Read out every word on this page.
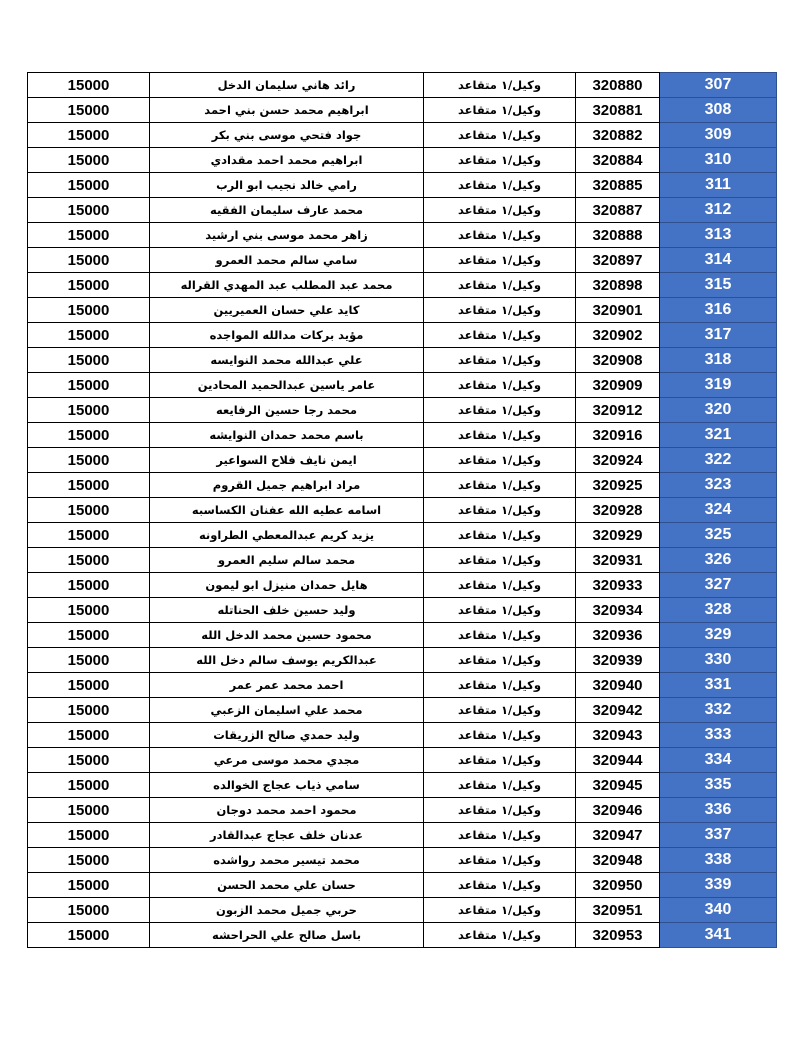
15000	رائد هاني سليمان الدخل	وكيل/١ متقاعد	320880	307
15000	ابراهيم محمد حسن بني احمد	وكيل/١ متقاعد	320881	308
15000	جواد فتحي موسى بني بكر	وكيل/١ متقاعد	320882	309
15000	ابراهيم محمد احمد مقدادي	وكيل/١ متقاعد	320884	310
15000	رامي خالد نجيب ابو الرب	وكيل/١ متقاعد	320885	311
15000	محمد عارف سليمان الفقيه	وكيل/١ متقاعد	320887	312
15000	زاهر محمد موسى بني ارشيد	وكيل/١ متقاعد	320888	313
15000	سامي سالم محمد العمرو	وكيل/١ متقاعد	320897	314
15000	محمد عبد المطلب عبد المهدي القراله	وكيل/١ متقاعد	320898	315
15000	كايد علي حسان العميريين	وكيل/١ متقاعد	320901	316
15000	مؤيد بركات مدالله المواجده	وكيل/١ متقاعد	320902	317
15000	علي عبدالله محمد النوايسه	وكيل/١ متقاعد	320908	318
15000	عامر ياسين عبدالحميد المحادين	وكيل/١ متقاعد	320909	319
15000	محمد رجا حسين الرفايعه	وكيل/١ متقاعد	320912	320
15000	باسم محمد حمدان النوايشه	وكيل/١ متقاعد	320916	321
15000	ايمن نايف فلاح السواعير	وكيل/١ متقاعد	320924	322
15000	مراد ابراهيم جميل القروم	وكيل/١ متقاعد	320925	323
15000	اسامه عطيه الله عفنان الكساسبه	وكيل/١ متقاعد	320928	324
15000	يزيد كريم عبدالمعطي الطراونه	وكيل/١ متقاعد	320929	325
15000	محمد سالم سليم العمرو	وكيل/١ متقاعد	320931	326
15000	هايل حمدان منيزل ابو ليمون	وكيل/١ متقاعد	320933	327
15000	وليد حسين خلف الحناتله	وكيل/١ متقاعد	320934	328
15000	محمود حسين محمد الدخل الله	وكيل/١ متقاعد	320936	329
15000	عبدالكريم يوسف سالم دخل الله	وكيل/١ متقاعد	320939	330
15000	احمد محمد عمر عمر	وكيل/١ متقاعد	320940	331
15000	محمد علي اسليمان الزعبي	وكيل/١ متقاعد	320942	332
15000	وليد حمدي صالح الزريقات	وكيل/١ متقاعد	320943	333
15000	مجدي محمد موسى مرعي	وكيل/١ متقاعد	320944	334
15000	سامي ذياب عجاج الخوالده	وكيل/١ متقاعد	320945	335
15000	محمود احمد محمد دوجان	وكيل/١ متقاعد	320946	336
15000	عدنان خلف عجاج عبدالقادر	وكيل/١ متقاعد	320947	337
15000	محمد تيسير محمد رواشده	وكيل/١ متقاعد	320948	338
15000	حسان علي محمد الحسن	وكيل/١ متقاعد	320950	339
15000	حربي جميل محمد الزبون	وكيل/١ متقاعد	320951	340
15000	باسل صالح علي الحراحشه	وكيل/١ متقاعد	320953	341
